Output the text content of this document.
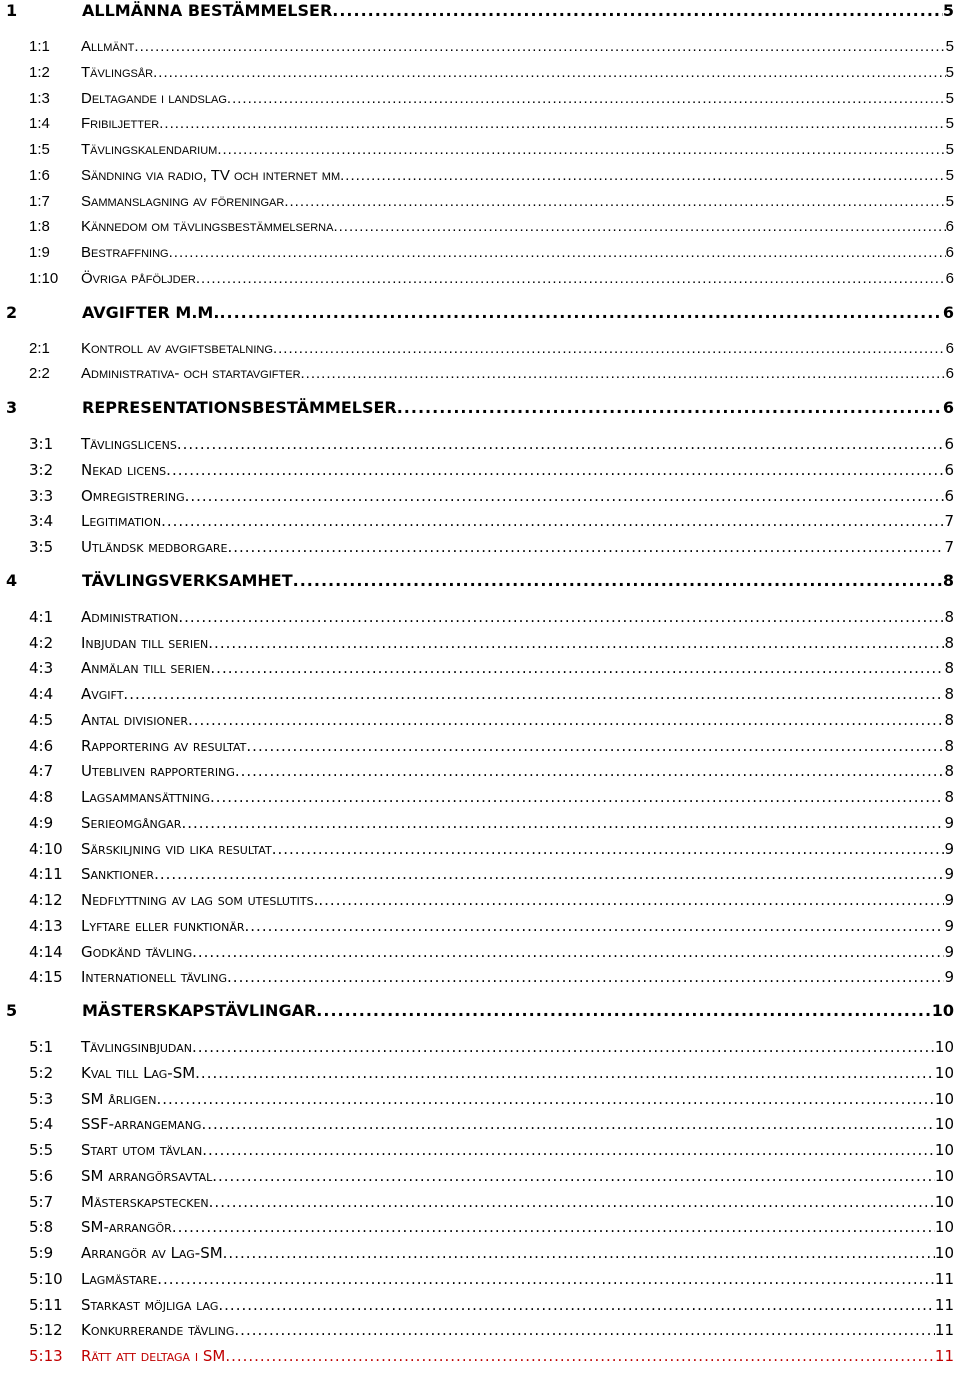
1	ALLMÄNNA BESTÄMMELSER .....	5
1:1 Allmänt .....	5
1:2 Tävlingsår .....	5
1:3 Deltagande i landslag .....	5
1:4 Fribiljetter .....	5
1:5 Tävlingskalendarium .....	5
1:6 Sändning via radio, TV och internet mm .....	5
1:7 Sammanslagning av föreningar .....	5
1:8 Kännedom om tävlingsbestämmelserna .....	6
1:9 Bestraffning .....	6
1:10 Övriga påföljder .....	6
2	AVGIFTER M.M. .....	6
2:1 Kontroll av avgiftsbetalning .....	6
2:2 Administrativa- och startavgifter .....	6
3	REPRESENTATIONSBESTÄMMELSER .....	6
3:1 Tävlingslicens .....	6
3:2 Nekad licens .....	6
3:3 Omregistrering .....	6
3:4 Legitimation .....	7
3:5 Utländsk medborgare .....	7
4	TÄVLINGSVERKSAMHET .....	8
4:1 Administration .....	8
4:2 Inbjudan till serien .....	8
4:3 Anmälan till serien .....	8
4:4 Avgift .....	8
4:5 Antal divisioner .....	8
4:6 Rapportering av resultat .....	8
4:7 Utebliven rapportering .....	8
4:8 Lagsammansättning .....	8
4:9 Serieomgångar .....	9
4:10 Särskiljning vid lika resultat .....	9
4:11 Sanktioner .....	9
4:12 Nedflyttning av lag som uteslutits. .....	9
4:13 Lyftare eller funktionär .....	9
4:14 Godkänd tävling .....	9
4:15 Internationell tävling .....	9
5	MÄSTERSKAPSTÄVLINGAR .....	10
5:1 Tävlingsinbjudan .....	10
5:2 Kval till Lag-SM .....	10
5:3 SM årligen .....	10
5:4 SSF-arrangemang .....	10
5:5 Start utom tävlan .....	10
5:6 SM arrangörsavtal .....	10
5:7 Mästerskapstecken .....	10
5:8 SM-arrangör .....	10
5:9 Arrangör av Lag-SM .....	10
5:10 Lagmästare .....	11
5:11 Starkast möjliga lag .....	11
5:12 Konkurrerande tävling .....	11
5:13 Rätt att deltaga i SM .....	11
